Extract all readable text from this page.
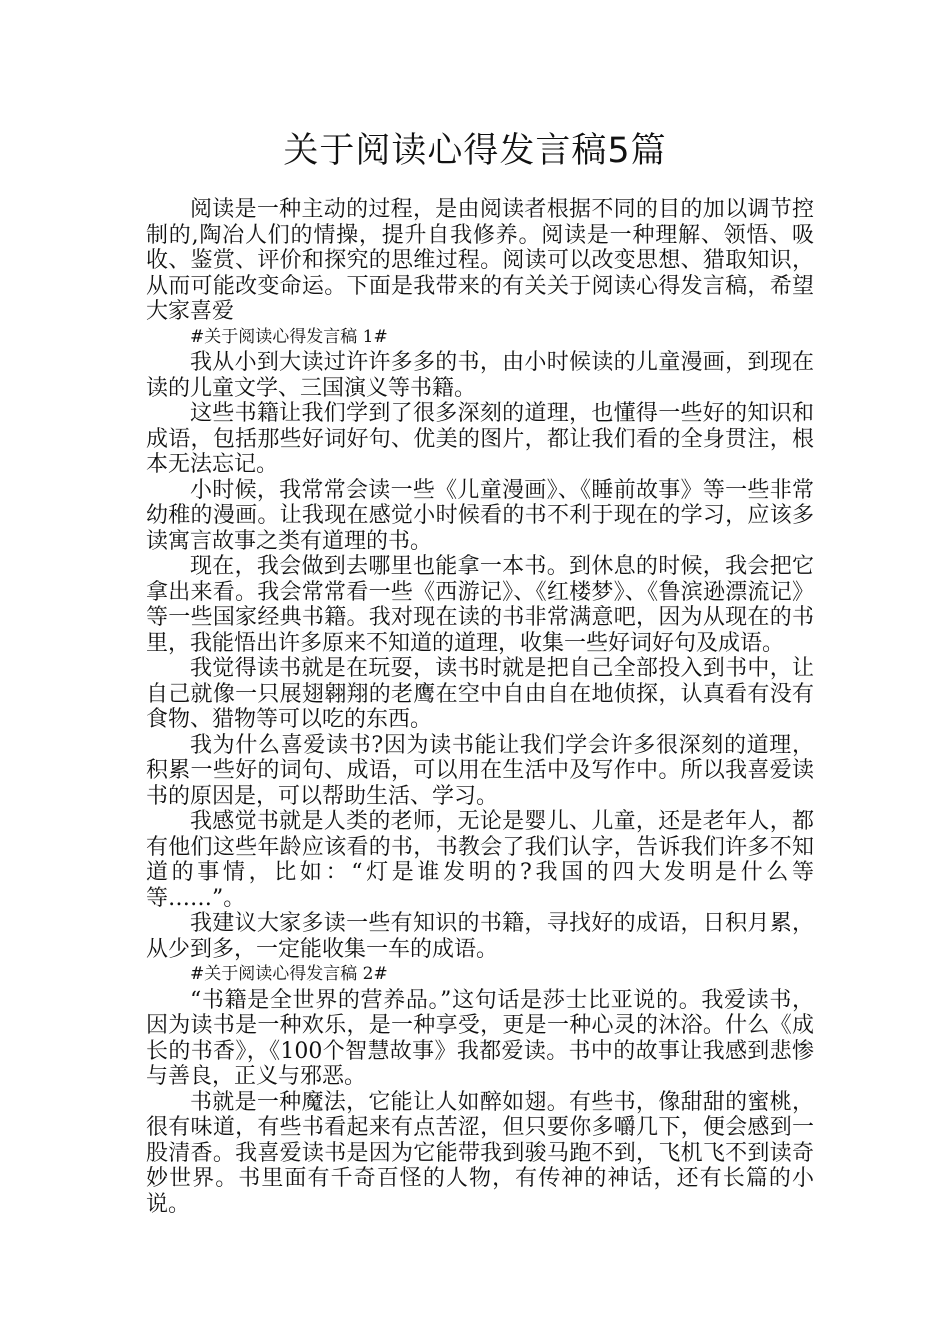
关于阅读心得发言稿5篇

阅读是一种主动的过程，是由阅读者根据不同的目的加以调节控制的,陶冶人们的情操，提升自我修养。阅读是一种理解、领悟、吸收、鉴赏、评价和探究的思维过程。阅读可以改变思想、猎取知识，从而可能改变命运。下面是我带来的有关关于阅读心得发言稿，希望大家喜爱

#关于阅读心得发言稿 1#

我从小到大读过许许多多的书，由小时候读的儿童漫画，到现在读的儿童文学、三国演义等书籍。

这些书籍让我们学到了很多深刻的道理，也懂得一些好的知识和成语，包括那些好词好句、优美的图片，都让我们看的全身贯注，根本无法忘记。

小时候，我常常会读一些《儿童漫画》、《睡前故事》等一些非常幼稚的漫画。让我现在感觉小时候看的书不利于现在的学习，应该多读寓言故事之类有道理的书。

现在，我会做到去哪里也能拿一本书。到休息的时候，我会把它拿出来看。我会常常看一些《西游记》、《红楼梦》、《鲁滨逊漂流记》等一些国家经典书籍。我对现在读的书非常满意吧，因为从现在的书里，我能悟出许多原来不知道的道理，收集一些好词好句及成语。

我觉得读书就是在玩耍，读书时就是把自己全部投入到书中，让自己就像一只展翅翱翔的老鹰在空中自由自在地侦探，认真看有没有食物、猎物等可以吃的东西。

我为什么喜爱读书?因为读书能让我们学会许多很深刻的道理，积累一些好的词句、成语，可以用在生活中及写作中。所以我喜爱读书的原因是，可以帮助生活、学习。

我感觉书就是人类的老师，无论是婴儿、儿童，还是老年人，都有他们这些年龄应该看的书，书教会了我们认字，告诉我们许多不知道的事情，比如：“灯是谁发明的?我国的四大发明是什么等等……”。

我建议大家多读一些有知识的书籍，寻找好的成语，日积月累，从少到多，一定能收集一车的成语。

#关于阅读心得发言稿 2#

“书籍是全世界的营养品。”这句话是莎士比亚说的。我爱读书，因为读书是一种欢乐，是一种享受，更是一种心灵的沐浴。什么《成长的书香》，《100个智慧故事》我都爱读。书中的故事让我感到悲惨与善良，正义与邪恶。

书就是一种魔法，它能让人如醉如翅。有些书，像甜甜的蜜桃，很有味道，有些书看起来有点苦涩，但只要你多嚼几下，便会感到一股清香。我喜爱读书是因为它能带我到骏马跑不到，飞机飞不到读奇妙世界。书里面有千奇百怪的人物，有传神的神话，还有长篇的小说。
